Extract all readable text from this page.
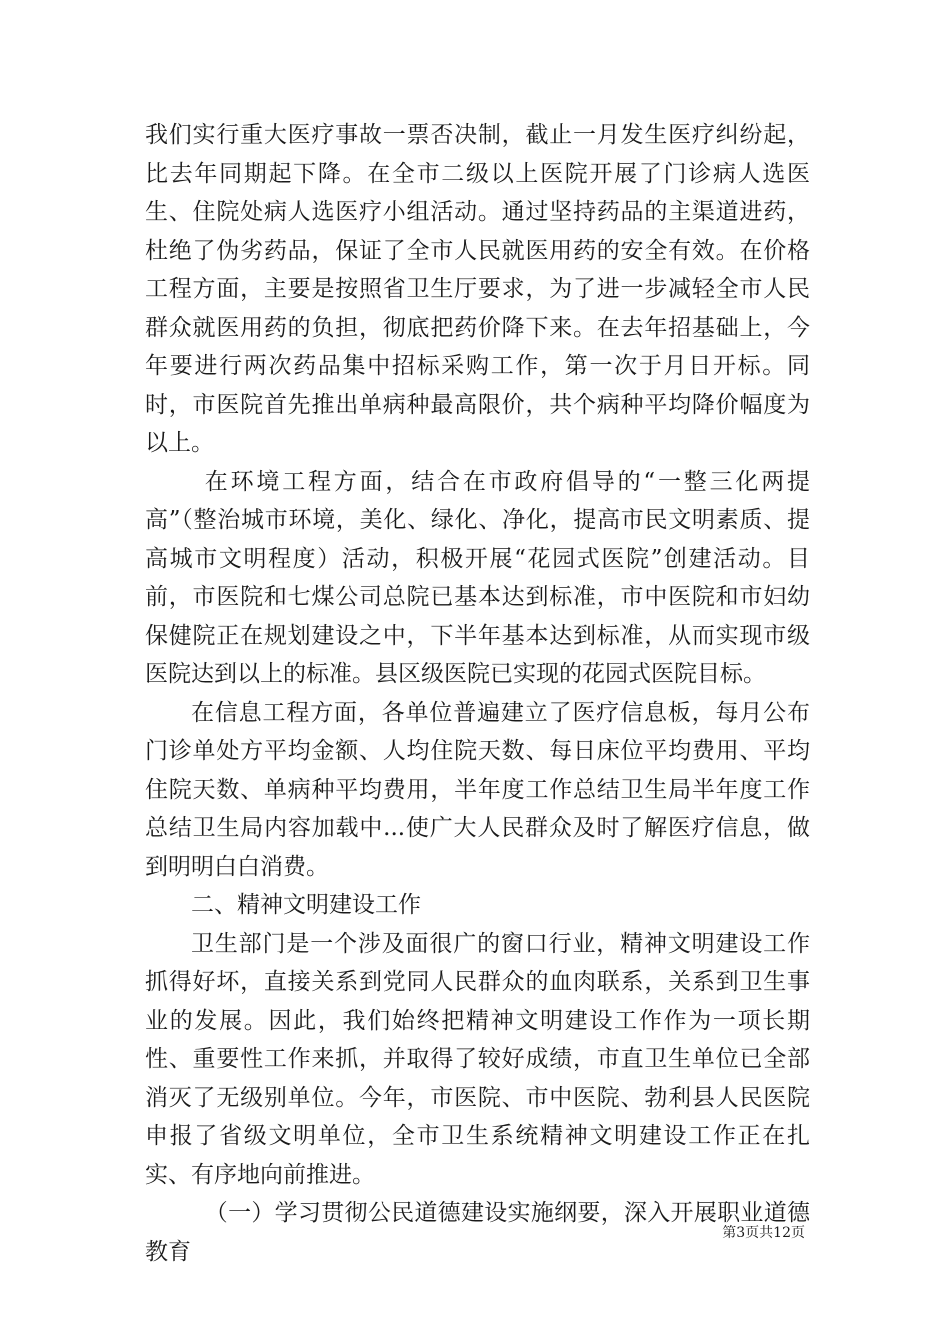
我们实行重大医疗事故一票否决制，截止一月发生医疗纠纷起，比去年同期起下降。在全市二级以上医院开展了门诊病人选医生、住院处病人选医疗小组活动。通过坚持药品的主渠道进药，杜绝了伪劣药品，保证了全市人民就医用药的安全有效。在价格工程方面，主要是按照省卫生厅要求，为了进一步减轻全市人民群众就医用药的负担，彻底把药价降下来。在去年招基础上，今年要进行两次药品集中招标采购工作，第一次于月日开标。同时，市医院首先推出单病种最高限价，共个病种平均降价幅度为以上。

在环境工程方面，结合在市政府倡导的“一整三化两提高”（整治城市环境，美化、绿化、净化，提高市民文明素质、提高城市文明程度）活动，积极开展“花园式医院”创建活动。目前，市医院和七煤公司总院已基本达到标准，市中医院和市妇幼保健院正在规划建设之中，下半年基本达到标准，从而实现市级医院达到以上的标准。县区级医院已实现的花园式医院目标。

在信息工程方面，各单位普遍建立了医疗信息板，每月公布门诊单处方平均金额、人均住院天数、每日床位平均费用、平均住院天数、单病种平均费用，半年度工作总结卫生局半年度工作总结卫生局内容加载中...使广大人民群众及时了解医疗信息，做到明明白白消费。

二、精神文明建设工作

卫生部门是一个涉及面很广的窗口行业，精神文明建设工作抓得好坏，直接关系到党同人民群众的血肉联系，关系到卫生事业的发展。因此，我们始终把精神文明建设工作作为一项长期性、重要性工作来抓，并取得了较好成绩，市直卫生单位已全部消灭了无级别单位。今年，市医院、市中医院、勃利县人民医院申报了省级文明单位，全市卫生系统精神文明建设工作正在扎实、有序地向前推进。

（一）学习贯彻公民道德建设实施纲要，深入开展职业道德教育

第3页共12页
